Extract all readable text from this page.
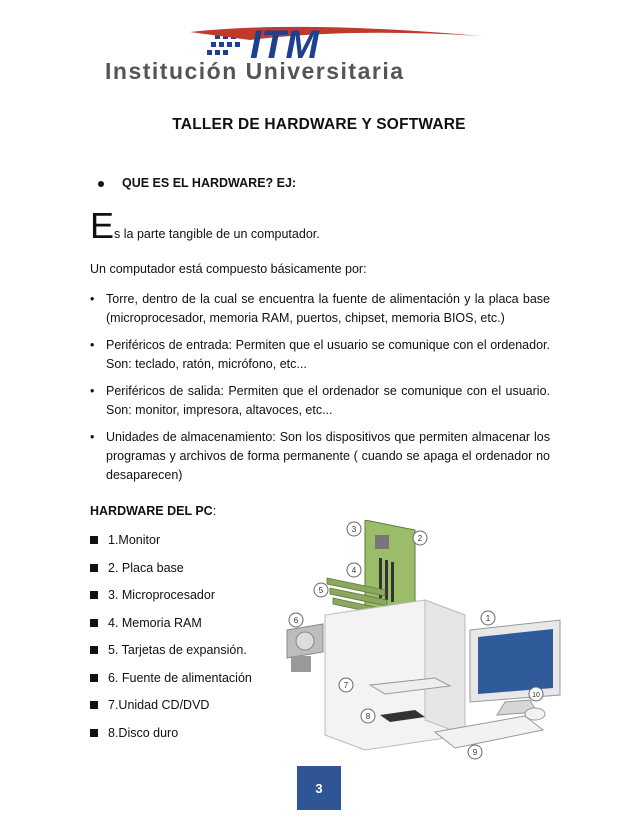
ITM
Institución Universitaria
TALLER DE HARDWARE Y SOFTWARE
QUE ES EL HARDWARE? EJ:
Es la parte tangible de un computador.
Un computador está compuesto básicamente por:
• Torre, dentro de la cual se encuentra la fuente de alimentación y la placa base (microprocesador, memoria RAM, puertos, chipset, memoria BIOS, etc.)
• Periféricos de entrada: Permiten que el usuario se comunique con el ordenador. Son: teclado, ratón, micrófono, etc...
• Periféricos de salida: Permiten que el ordenador se comunique con el usuario. Son: monitor, impresora, altavoces, etc...
• Unidades de almacenamiento: Son los dispositivos que permiten almacenar los programas y archivos de forma permanente ( cuando se apaga el ordenador no desaparecen)
HARDWARE DEL PC:
1.Monitor
2. Placa base
3. Microprocesador
4. Memoria RAM
5. Tarjetas de expansión.
6. Fuente de alimentación
7.Unidad CD/DVD
8.Disco duro
1
2
3
4
5
6
7
8
9
10
3
